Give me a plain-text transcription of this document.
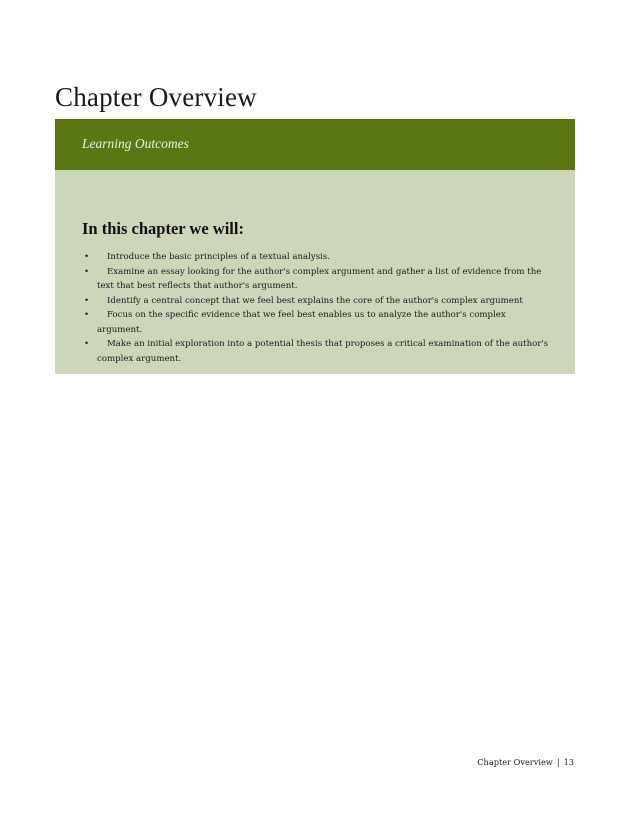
Chapter Overview
Learning Outcomes
In this chapter we will:
• Introduce the basic principles of a textual analysis.
• Examine an essay looking for the author's complex argument and gather a list of evidence from the text that best reflects that author's argument.
• Identify a central concept that we feel best explains the core of the author's complex argument
• Focus on the specific evidence that we feel best enables us to analyze the author's complex argument.
• Make an initial exploration into a potential thesis that proposes a critical examination of the author's complex argument.
Chapter Overview | 13
